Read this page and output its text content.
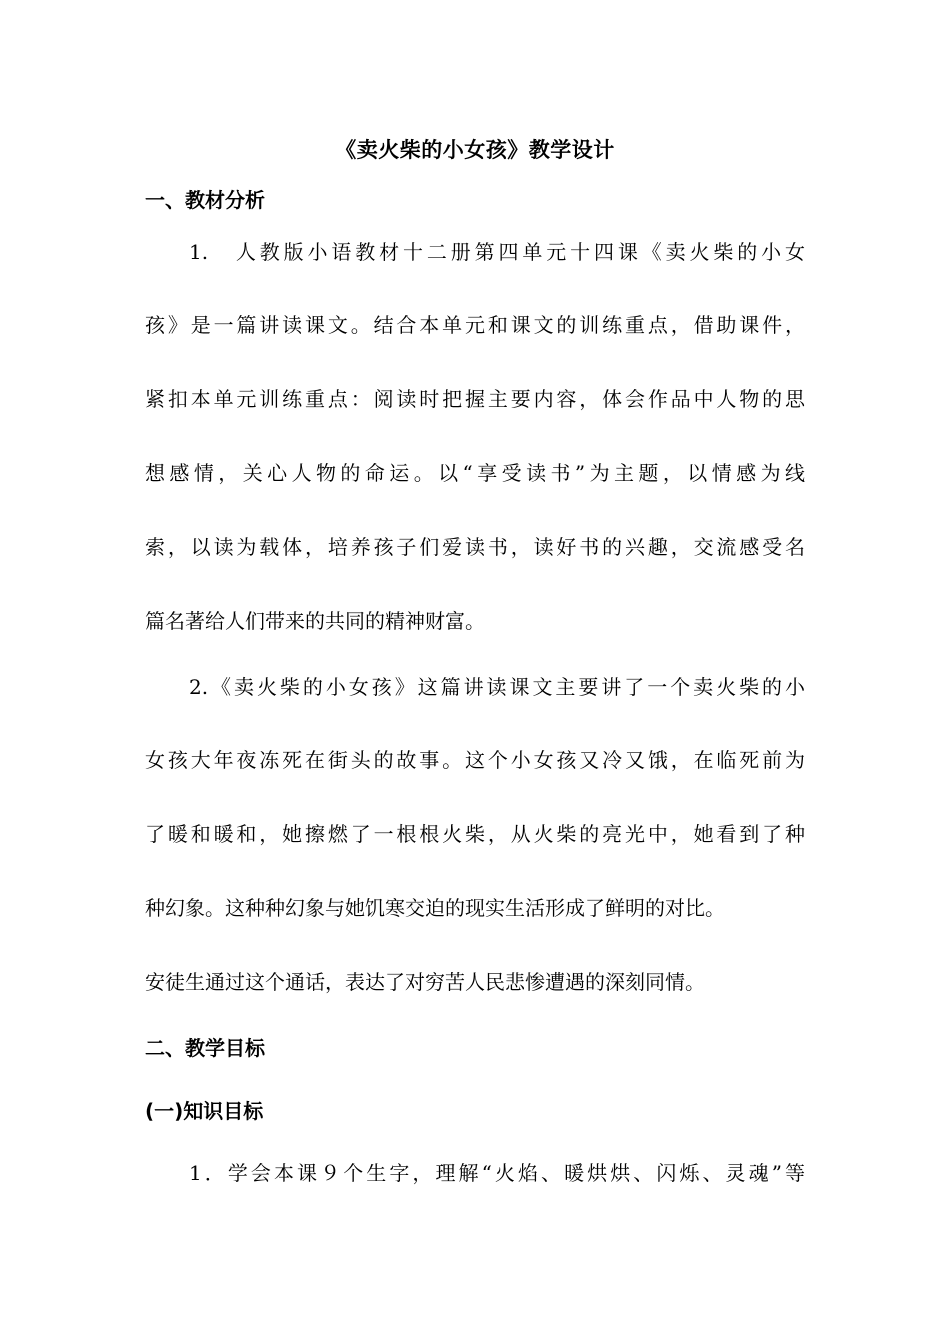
《卖火柴的小女孩》教学设计
一、教材分析
1.　人教版小语教材十二册第四单元十四课《卖火柴的小女
孩》是一篇讲读课文。结合本单元和课文的训练重点，借助课件，
紧扣本单元训练重点：阅读时把握主要内容，体会作品中人物的思
想感情，关心人物的命运。以“享受读书”为主题，以情感为线
索，以读为载体，培养孩子们爱读书，读好书的兴趣，交流感受名
篇名著给人们带来的共同的精神财富。
2.《卖火柴的小女孩》这篇讲读课文主要讲了一个卖火柴的小
女孩大年夜冻死在街头的故事。这个小女孩又冷又饿，在临死前为
了暖和暖和，她擦燃了一根根火柴，从火柴的亮光中，她看到了种
种幻象。这种种幻象与她饥寒交迫的现实生活形成了鲜明的对比。
安徒生通过这个通话，表达了对穷苦人民悲惨遭遇的深刻同情。
二、教学目标
(一)知识目标
1．学会本课９个生字，理解“火焰、暖烘烘、闪烁、灵魂”等
